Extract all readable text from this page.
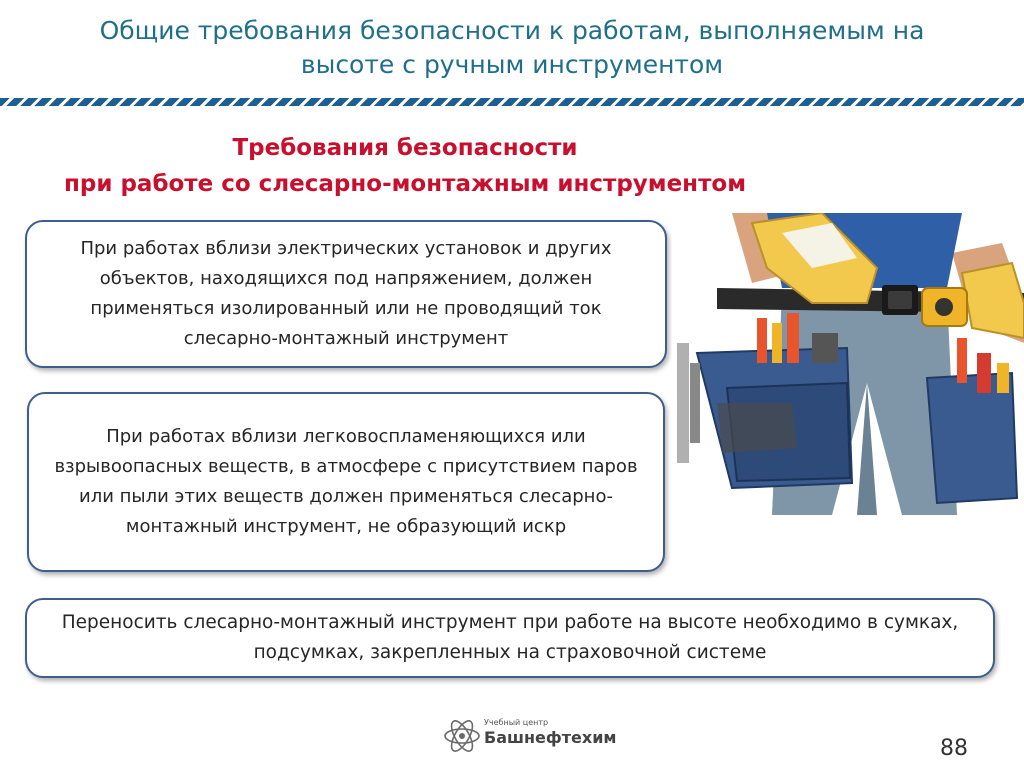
Общие требования безопасности к работам, выполняемым на
высоте с ручным инструментом
Требования безопасности
при работе со слесарно-монтажным инструментом
При работах вблизи электрических установок и других объектов, находящихся под напряжением, должен применяться изолированный или не проводящий ток слесарно-монтажный инструмент
При работах вблизи легковоспламеняющихся или взрывоопасных веществ, в атмосфере с присутствием паров или пыли этих веществ должен применяться слесарно-монтажный инструмент, не образующий искр
Переносить слесарно-монтажный инструмент при работе на высоте необходимо в сумках, подсумках, закрепленных на страховочной системе
Учебный центр
Башнефтехим	88
